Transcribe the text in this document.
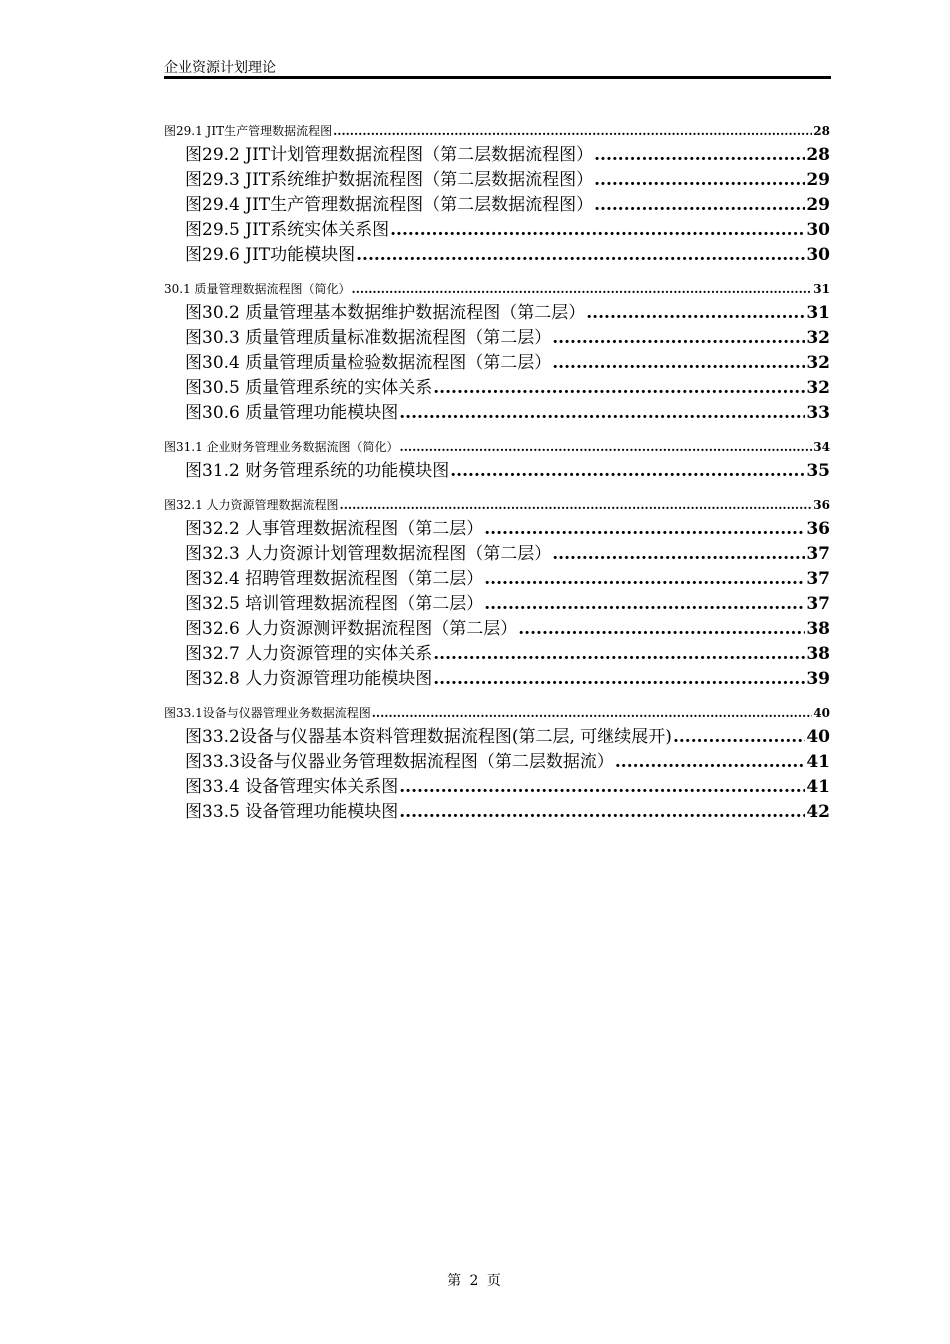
企业资源计划理论
图29.1 JIT生产管理数据流程图 .....	28
图29.2 JIT计划管理数据流程图（第二层数据流程图） .....	28
图29.3 JIT系统维护数据流程图（第二层数据流程图） .....	29
图29.4 JIT生产管理数据流程图（第二层数据流程图） .....	29
图29.5 JIT系统实体关系图 .....	30
图29.6 JIT功能模块图 .....	30
30.1 质量管理数据流程图（简化） .....	31
图30.2 质量管理基本数据维护数据流程图（第二层） .....	31
图30.3 质量管理质量标准数据流程图（第二层） .....	32
图30.4 质量管理质量检验数据流程图（第二层） .....	32
图30.5 质量管理系统的实体关系 .....	32
图30.6 质量管理功能模块图 .....	33
图31.1 企业财务管理业务数据流图（简化） .....	34
图31.2 财务管理系统的功能模块图 .....	35
图32.1 人力资源管理数据流程图 .....	36
图32.2 人事管理数据流程图（第二层） .....	36
图32.3 人力资源计划管理数据流程图（第二层） .....	37
图32.4 招聘管理数据流程图（第二层） .....	37
图32.5 培训管理数据流程图（第二层） .....	37
图32.6 人力资源测评数据流程图（第二层） .....	38
图32.7 人力资源管理的实体关系 .....	38
图32.8 人力资源管理功能模块图 .....	39
图33.1设备与仪器管理业务数据流程图 .....	40
图33.2设备与仪器基本资料管理数据流程图(第二层, 可继续展开) .....	40
图33.3设备与仪器业务管理数据流程图（第二层数据流） .....	41
图33.4 设备管理实体关系图 .....	41
图33.5 设备管理功能模块图 .....	42
第 2 页
